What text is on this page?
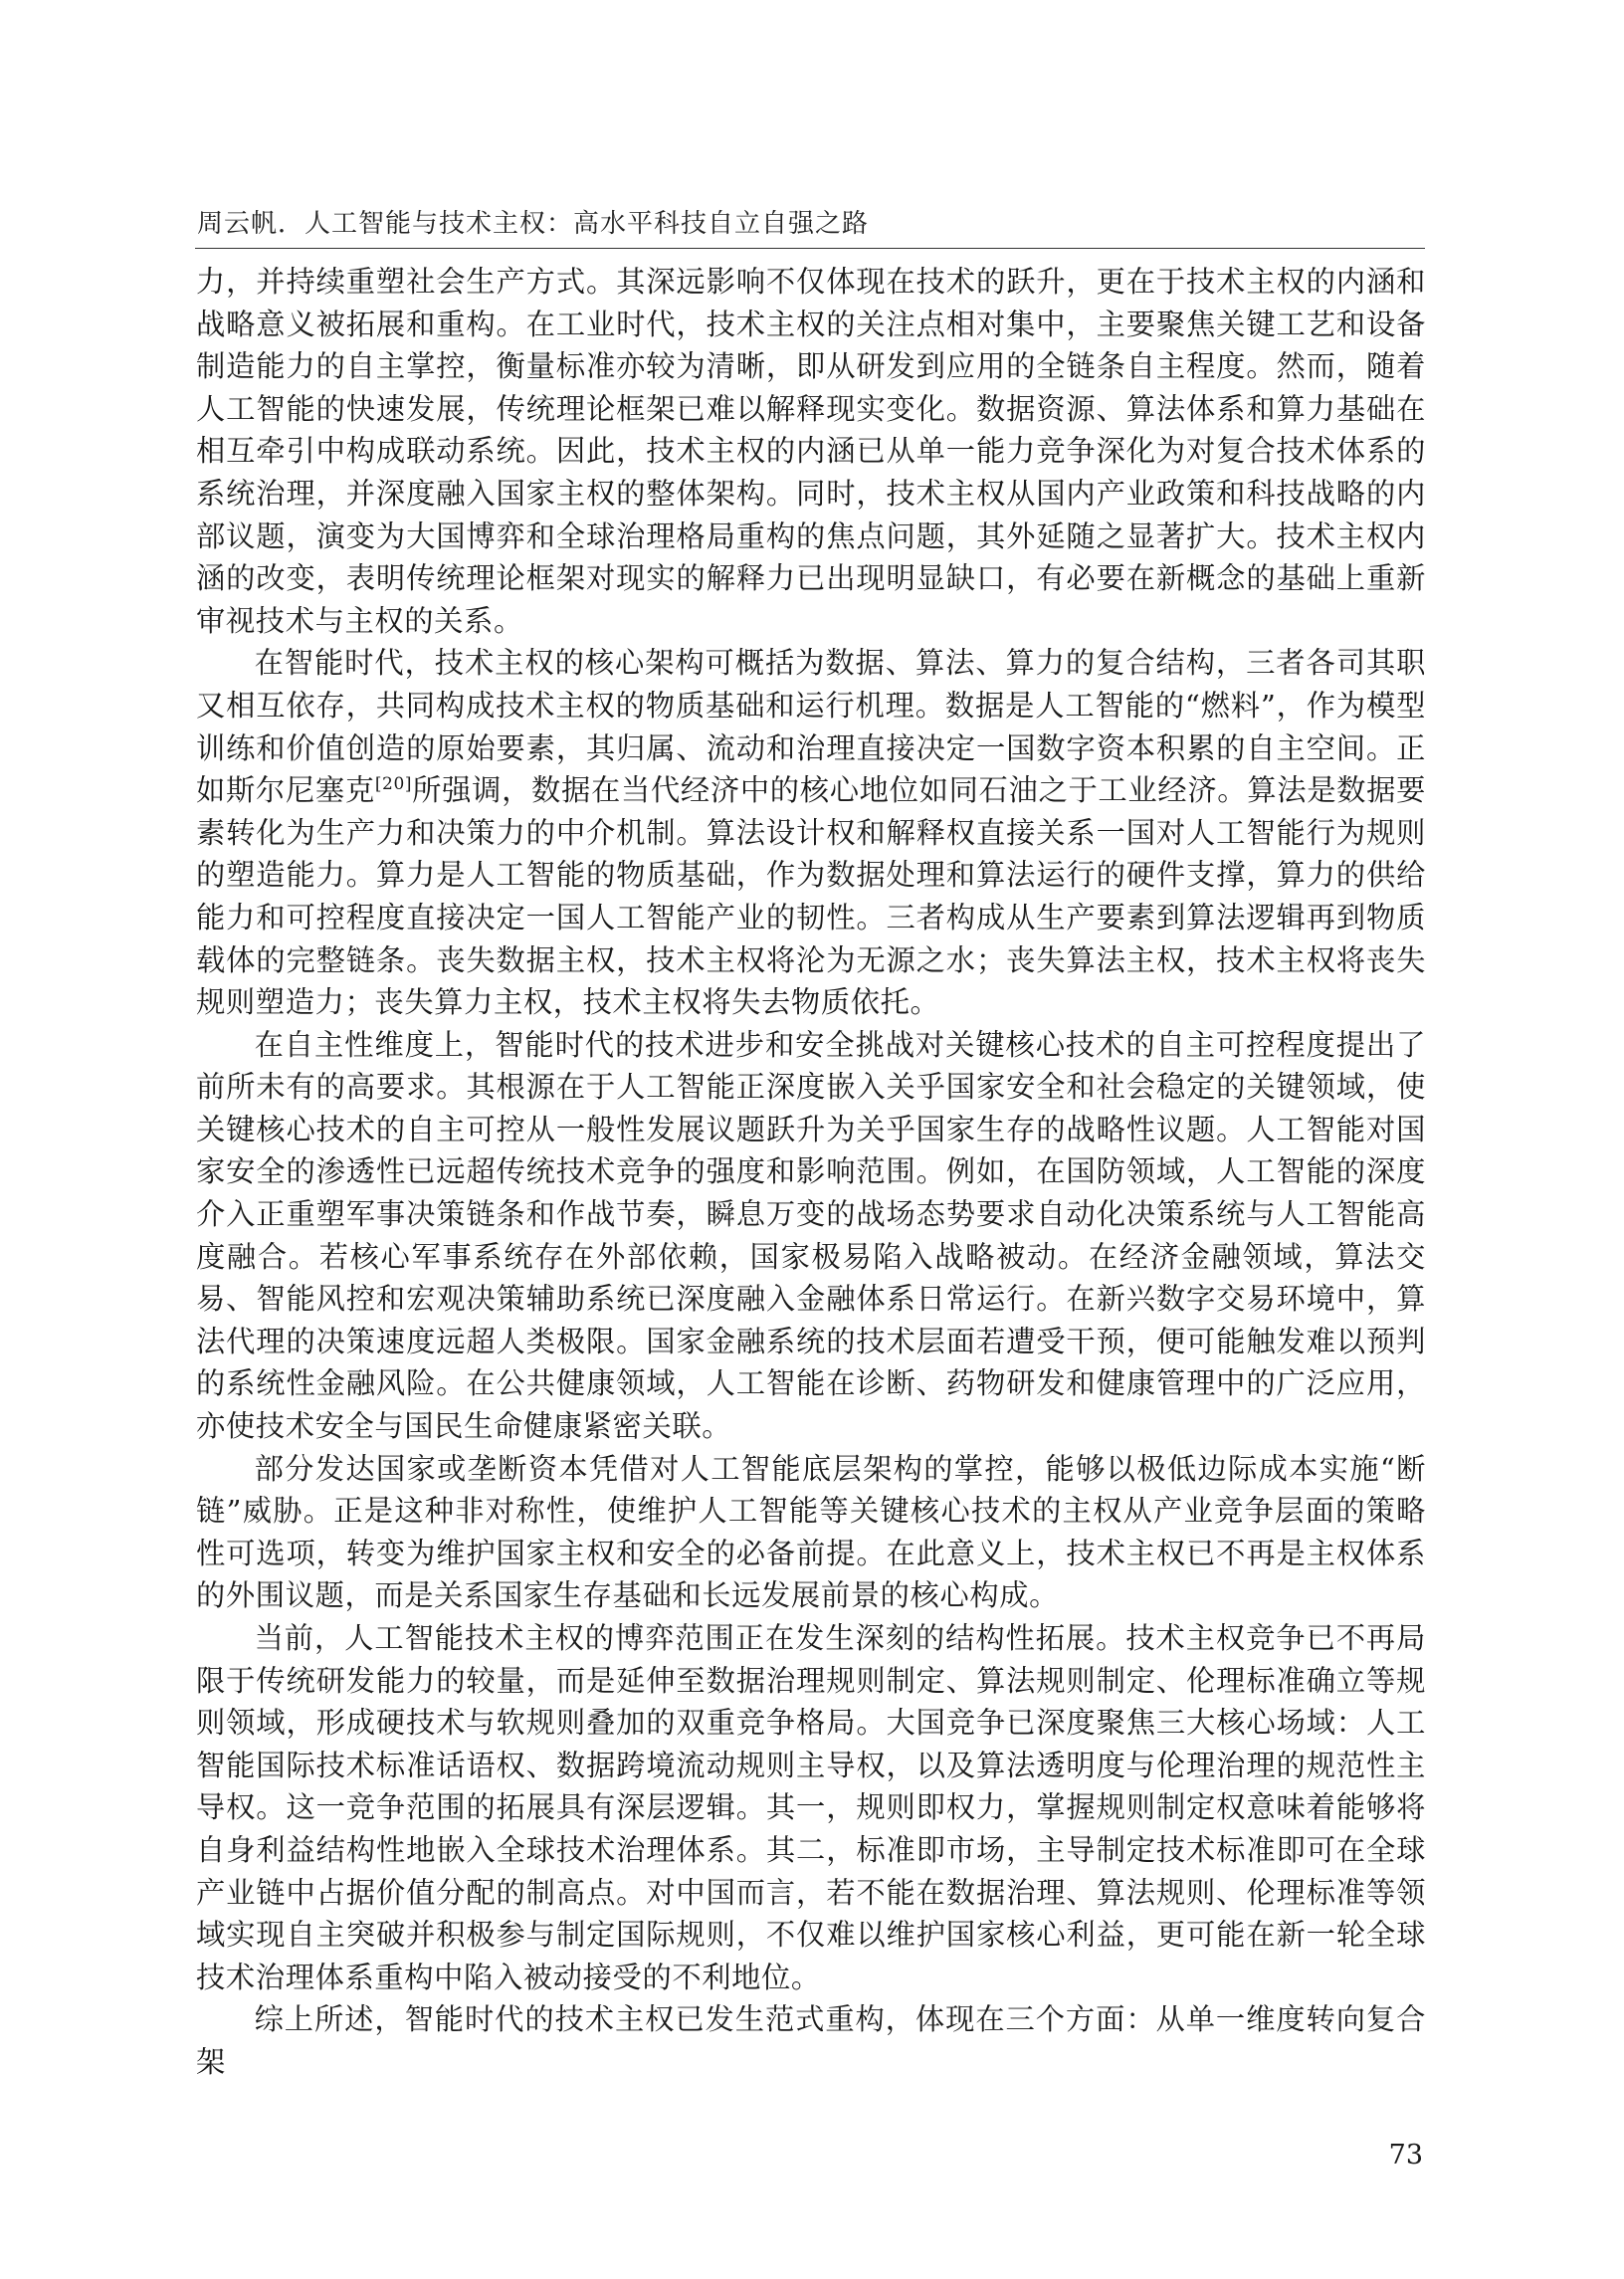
周云帆．人工智能与技术主权：高水平科技自立自强之路

力，并持续重塑社会生产方式。其深远影响不仅体现在技术的跃升，更在于技术主权的内涵和战略意义被拓展和重构。在工业时代，技术主权的关注点相对集中，主要聚焦关键工艺和设备制造能力的自主掌控，衡量标准亦较为清晰，即从研发到应用的全链条自主程度。然而，随着人工智能的快速发展，传统理论框架已难以解释现实变化。数据资源、算法体系和算力基础在相互牵引中构成联动系统。因此，技术主权的内涵已从单一能力竞争深化为对复合技术体系的系统治理，并深度融入国家主权的整体架构。同时，技术主权从国内产业政策和科技战略的内部议题，演变为大国博弈和全球治理格局重构的焦点问题，其外延随之显著扩大。技术主权内涵的改变，表明传统理论框架对现实的解释力已出现明显缺口，有必要在新概念的基础上重新审视技术与主权的关系。

在智能时代，技术主权的核心架构可概括为数据、算法、算力的复合结构，三者各司其职又相互依存，共同构成技术主权的物质基础和运行机理。数据是人工智能的“燃料”，作为模型训练和价值创造的原始要素，其归属、流动和治理直接决定一国数字资本积累的自主空间。正如斯尔尼塞克[20]所强调，数据在当代经济中的核心地位如同石油之于工业经济。算法是数据要素转化为生产力和决策力的中介机制。算法设计权和解释权直接关系一国对人工智能行为规则的塑造能力。算力是人工智能的物质基础，作为数据处理和算法运行的硬件支撑，算力的供给能力和可控程度直接决定一国人工智能产业的韧性。三者构成从生产要素到算法逻辑再到物质载体的完整链条。丧失数据主权，技术主权将沦为无源之水；丧失算法主权，技术主权将丧失规则塑造力；丧失算力主权，技术主权将失去物质依托。

在自主性维度上，智能时代的技术进步和安全挑战对关键核心技术的自主可控程度提出了前所未有的高要求。其根源在于人工智能正深度嵌入关乎国家安全和社会稳定的关键领域，使关键核心技术的自主可控从一般性发展议题跃升为关乎国家生存的战略性议题。人工智能对国家安全的渗透性已远超传统技术竞争的强度和影响范围。例如，在国防领域，人工智能的深度介入正重塑军事决策链条和作战节奏，瞬息万变的战场态势要求自动化决策系统与人工智能高度融合。若核心军事系统存在外部依赖，国家极易陷入战略被动。在经济金融领域，算法交易、智能风控和宏观决策辅助系统已深度融入金融体系日常运行。在新兴数字交易环境中，算法代理的决策速度远超人类极限。国家金融系统的技术层面若遭受干预，便可能触发难以预判的系统性金融风险。在公共健康领域，人工智能在诊断、药物研发和健康管理中的广泛应用，亦使技术安全与国民生命健康紧密关联。

部分发达国家或垄断资本凭借对人工智能底层架构的掌控，能够以极低边际成本实施“断链”威胁。正是这种非对称性，使维护人工智能等关键核心技术的主权从产业竞争层面的策略性可选项，转变为维护国家主权和安全的必备前提。在此意义上，技术主权已不再是主权体系的外围议题，而是关系国家生存基础和长远发展前景的核心构成。

当前，人工智能技术主权的博弈范围正在发生深刻的结构性拓展。技术主权竞争已不再局限于传统研发能力的较量，而是延伸至数据治理规则制定、算法规则制定、伦理标准确立等规则领域，形成硬技术与软规则叠加的双重竞争格局。大国竞争已深度聚焦三大核心场域：人工智能国际技术标准话语权、数据跨境流动规则主导权，以及算法透明度与伦理治理的规范性主导权。这一竞争范围的拓展具有深层逻辑。其一，规则即权力，掌握规则制定权意味着能够将自身利益结构性地嵌入全球技术治理体系。其二，标准即市场，主导制定技术标准即可在全球产业链中占据价值分配的制高点。对中国而言，若不能在数据治理、算法规则、伦理标准等领域实现自主突破并积极参与制定国际规则，不仅难以维护国家核心利益，更可能在新一轮全球技术治理体系重构中陷入被动接受的不利地位。

综上所述，智能时代的技术主权已发生范式重构，体现在三个方面：从单一维度转向复合架

73
